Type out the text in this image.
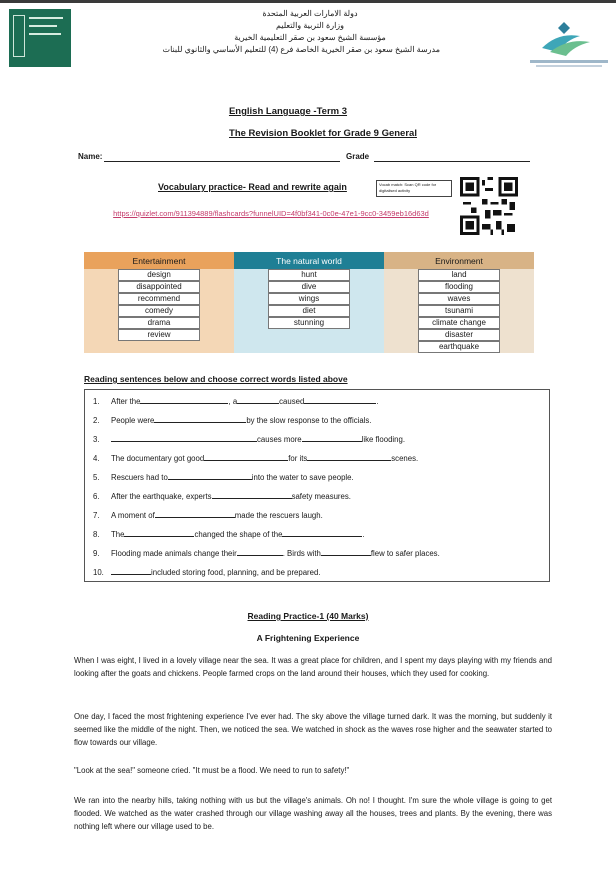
دولة الامارات العربية المتحدة
وزارة التربية والتعليم
مؤسسة الشيخ سعود بن صقر التعليمية الخيرية
مدرسة الشيخ سعود بن صقر الخيرية الخاصة فرع (4) للتعليم الأساسي والثانوي للبنات
English Language -Term 3
The Revision Booklet for Grade 9 General
Name:	Grade
Vocabulary practice- Read and rewrite again	Vocab match: Scan QR code for digitalised activity
https://quizlet.com/911394889/flashcards?funnelUID=4f0bf341-0c0e-47e1-9cc0-3459eb16d63d
Entertainment	The natural world	Environment

design	hunt	land

disappointed	dive	flooding

recommend	wings	waves

comedy	diet	tsunami

drama	stunning	climate change

review		disaster

		earthquake
Reading sentences below and choose correct words listed above
1. After the	, a	caused	.
2. People were	by the slow response to the officials.
3.	causes more	like flooding.
4. The documentary got good	for its	scenes.
5. Rescuers had to	into the water to save people.
6. After the earthquake, experts	safety measures.
7. A moment of	made the rescuers laugh.
8. The	changed the shape of the	.
9. Flooding made animals change their	. Birds with	flew to safer places.
10.	included storing food, planning, and be prepared.
Reading Practice-1 (40 Marks)
A Frightening Experience
When I was eight, I lived in a lovely village near the sea. It was a great place for children, and I spent my days playing with my friends and looking after the goats and chickens. People farmed crops on the land around their houses, which they used for cooking.
One day, I faced the most frightening experience I've ever had. The sky above the village turned dark. It was the morning, but suddenly it seemed like the middle of the night. Then, we noticed the sea. We watched in shock as the waves rose higher and the seawater started to flow towards our village.
"Look at the sea!" someone cried. "It must be a flood. We need to run to safety!"
We ran into the nearby hills, taking nothing with us but the village's animals. Oh no! I thought. I'm sure the whole village is going to get flooded. We watched as the water crashed through our village washing away all the houses, trees and plants. By the evening, there was nothing left where our village used to be.
